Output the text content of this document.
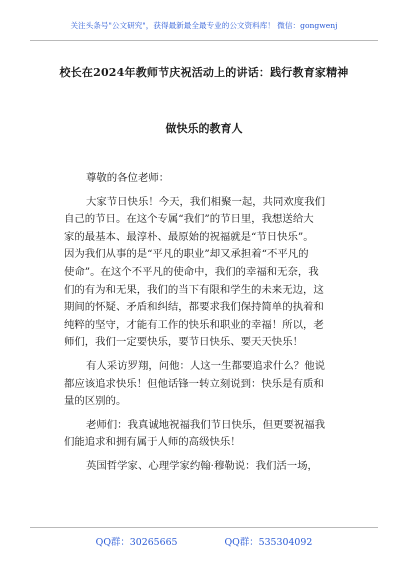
关注头条号"公文研究"，获得最新最全最专业的公文资料库！ 微信：gongwenj
校长在2024年教师节庆祝活动上的讲话：践行教育家精神
做快乐的教育人

尊敬的各位老师：

大家节日快乐！今天，我们相聚一起，共同欢度我们
自己的节日。在这个专属“我们”的节日里，我想送给大
家的最基本、最淳朴、最原始的祝福就是“节日快乐”。
因为我们从事的是“平凡的职业”却又承担着“不平凡的
使命”。在这个不平凡的使命中，我们的幸福和无奈，我
们的有为和无果，我们的当下有限和学生的未来无边，这
期间的怀疑、矛盾和纠结，都要求我们保持简单的执着和
纯粹的坚守，才能有工作的快乐和职业的幸福！所以，老
师们，我们一定要快乐，要节日快乐、要天天快乐！

有人采访罗翔，问他：人这一生都要追求什么？他说
都应该追求快乐！但他话锋一转立刻说到：快乐是有质和
量的区别的。

老师们：我真诚地祝福我们节日快乐，但更要祝福我
们能追求和拥有属于人师的高级快乐！

英国哲学家、心理学家约翰·穆勒说：我们活一场，

QQ群：30265665	QQ群：535304092
